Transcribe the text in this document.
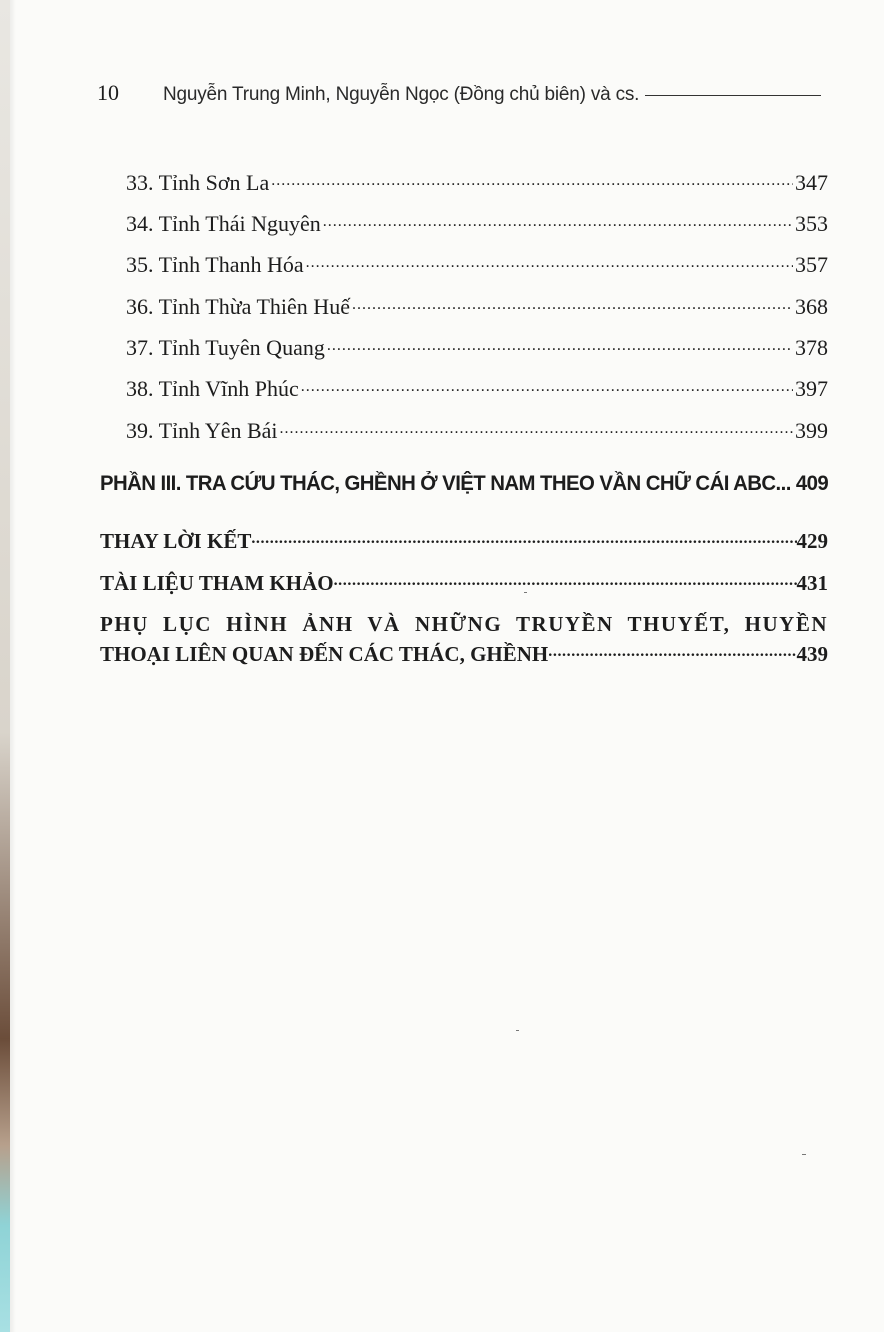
10 Nguyễn Trung Minh, Nguyễn Ngọc (Đồng chủ biên) và cs.
33. Tỉnh Sơn La .....	347
34. Tỉnh Thái Nguyên .....	353
35. Tỉnh Thanh Hóa .....	357
36. Tỉnh Thừa Thiên Huế .....	368
37. Tỉnh Tuyên Quang .....	378
38. Tỉnh Vĩnh Phúc .....	397
39. Tỉnh Yên Bái .....	399
PHẦN III. TRA CỨU THÁC, GHỀNH Ở VIỆT NAM THEO VẦN CHỮ CÁI ABC ... 409
THAY LỜI KẾT .....	429
TÀI LIỆU THAM KHẢO .....	431
PHỤ LỤC HÌNH ẢNH VÀ NHỮNG TRUYỀN THUYẾT, HUYỀN
THOẠI LIÊN QUAN ĐẾN CÁC THÁC, GHỀNH .....	439
